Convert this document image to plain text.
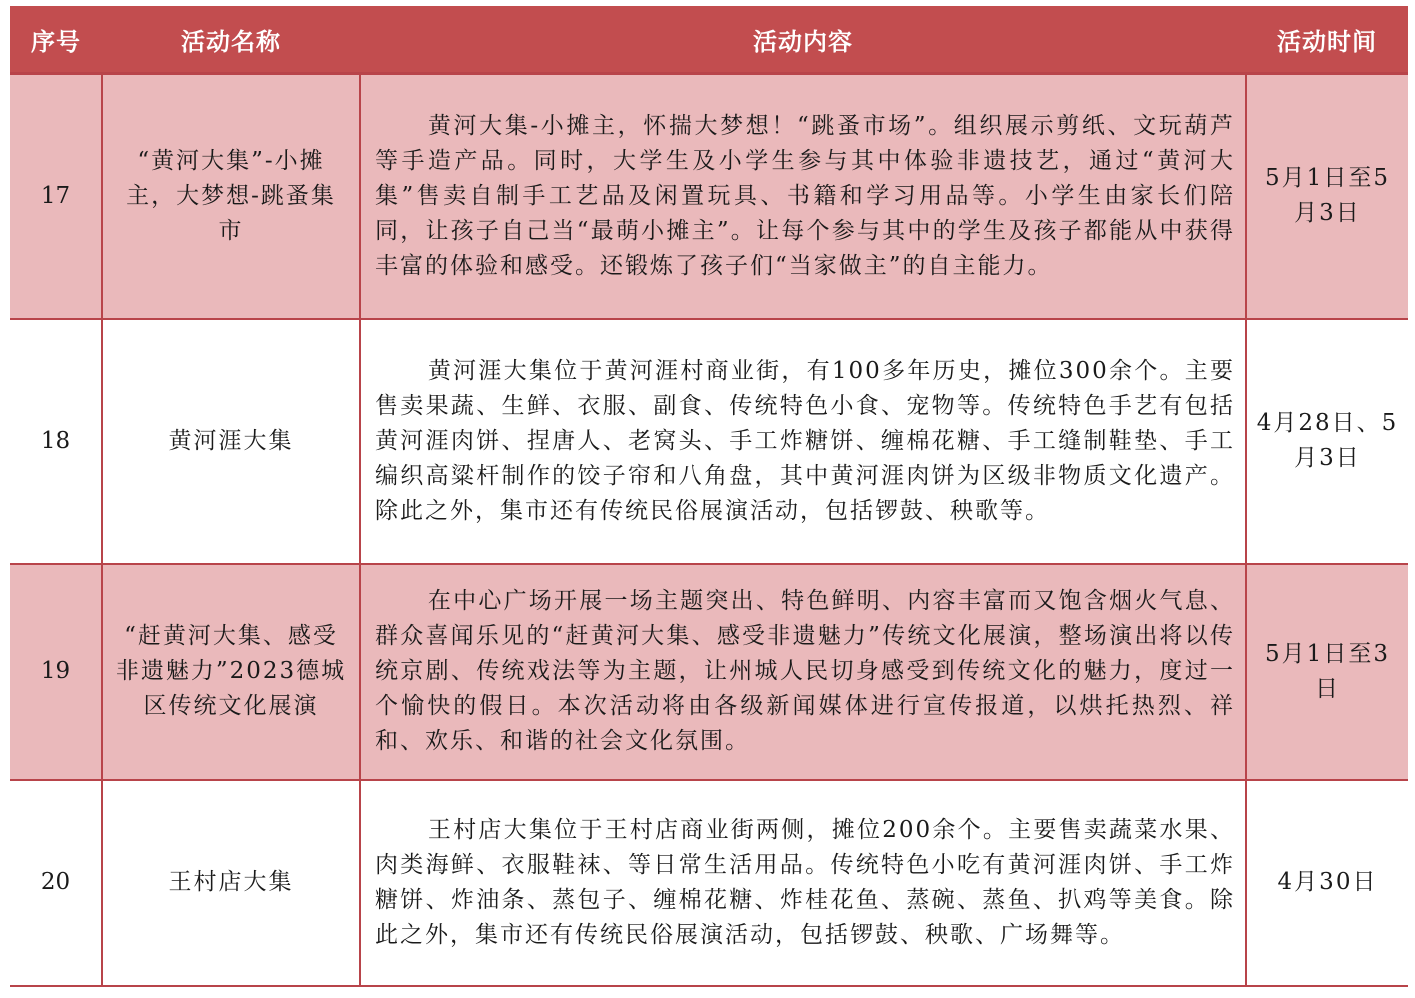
序号	活动名称	活动内容	活动时间
17	“黄河大集”-小摊主，大梦想-跳蚤集市	黄河大集-小摊主，怀揣大梦想！“跳蚤市场”。组织展示剪纸、文玩葫芦等手造产品。同时，大学生及小学生参与其中体验非遗技艺，通过“黄河大集”售卖自制手工艺品及闲置玩具、书籍和学习用品等。小学生由家长们陪同，让孩子自己当“最萌小摊主”。让每个参与其中的学生及孩子都能从中获得丰富的体验和感受。还锻炼了孩子们“当家做主”的自主能力。	5月1日至5月3日
18	黄河涯大集	黄河涯大集位于黄河涯村商业街，有100多年历史，摊位300余个。主要售卖果蔬、生鲜、衣服、副食、传统特色小食、宠物等。传统特色手艺有包括黄河涯肉饼、捏唐人、老窝头、手工炸糖饼、缠棉花糖、手工缝制鞋垫、手工编织高粱杆制作的饺子帘和八角盘，其中黄河涯肉饼为区级非物质文化遗产。除此之外，集市还有传统民俗展演活动，包括锣鼓、秧歌等。	4月28日、5月3日
19	“赶黄河大集、感受非遗魅力”2023德城区传统文化展演	在中心广场开展一场主题突出、特色鲜明、内容丰富而又饱含烟火气息、群众喜闻乐见的“赶黄河大集、感受非遗魅力”传统文化展演，整场演出将以传统京剧、传统戏法等为主题，让州城人民切身感受到传统文化的魅力，度过一个愉快的假日。本次活动将由各级新闻媒体进行宣传报道，以烘托热烈、祥和、欢乐、和谐的社会文化氛围。	5月1日至3日
20	王村店大集	王村店大集位于王村店商业街两侧，摊位200余个。主要售卖蔬菜水果、肉类海鲜、衣服鞋袜、等日常生活用品。传统特色小吃有黄河涯肉饼、手工炸糖饼、炸油条、蒸包子、缠棉花糖、炸桂花鱼、蒸碗、蒸鱼、扒鸡等美食。除此之外，集市还有传统民俗展演活动，包括锣鼓、秧歌、广场舞等。	4月30日
